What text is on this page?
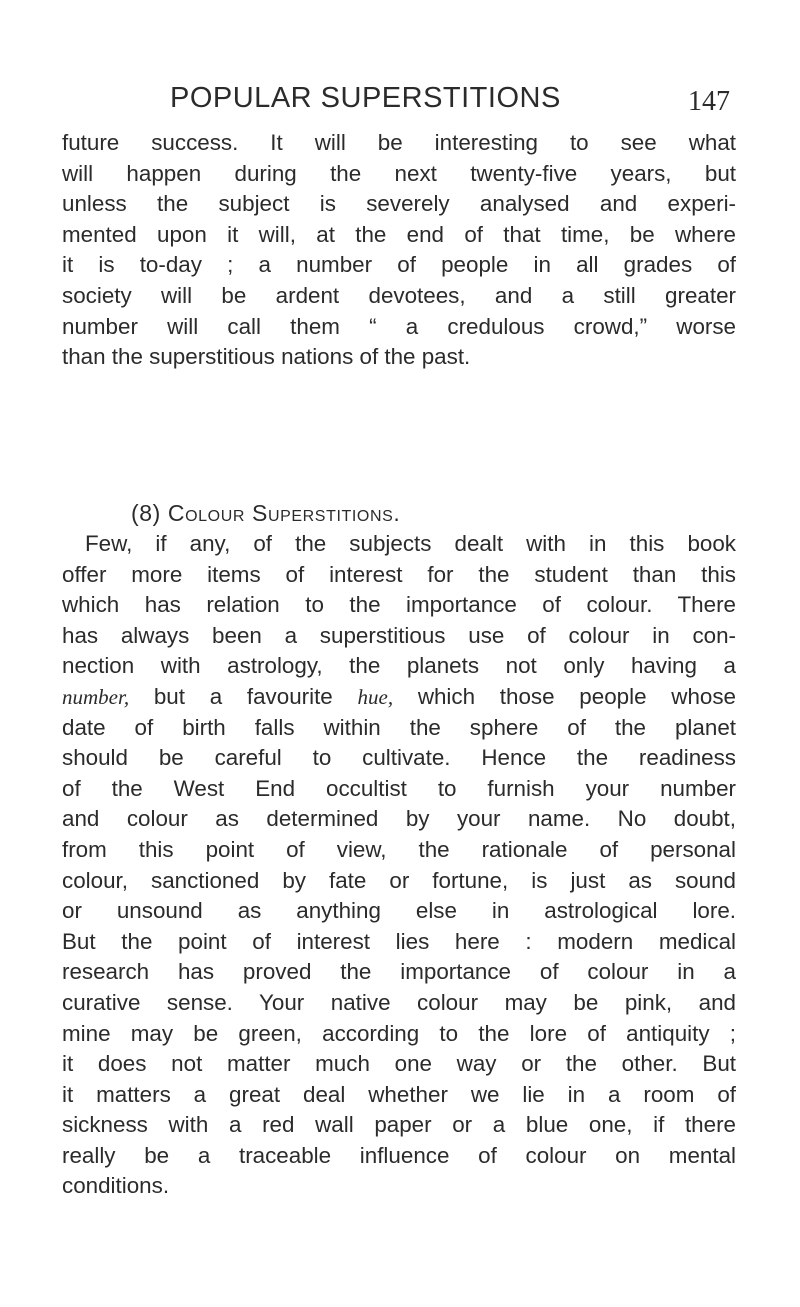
POPULAR SUPERSTITIONS	147
future success. It will be interesting to see what
will happen during the next twenty-five years, but
unless the subject is severely analysed and experi-
mented upon it will, at the end of that time, be where
it is to-day ; a number of people in all grades of
society will be ardent devotees, and a still greater
number will call them “ a credulous crowd,” worse
than the superstitious nations of the past.
(8) Colour Superstitions.
Few, if any, of the subjects dealt with in this book
offer more items of interest for the student than this
which has relation to the importance of colour. There
has always been a superstitious use of colour in con-
nection with astrology, the planets not only having a
number, but a favourite hue, which those people whose
date of birth falls within the sphere of the planet
should be careful to cultivate. Hence the readiness
of the West End occultist to furnish your number
and colour as determined by your name. No doubt,
from this point of view, the rationale of personal
colour, sanctioned by fate or fortune, is just as sound
or unsound as anything else in astrological lore.
But the point of interest lies here : modern medical
research has proved the importance of colour in a
curative sense. Your native colour may be pink, and
mine may be green, according to the lore of antiquity ;
it does not matter much one way or the other. But
it matters a great deal whether we lie in a room of
sickness with a red wall paper or a blue one, if there
really be a traceable influence of colour on mental
conditions.
